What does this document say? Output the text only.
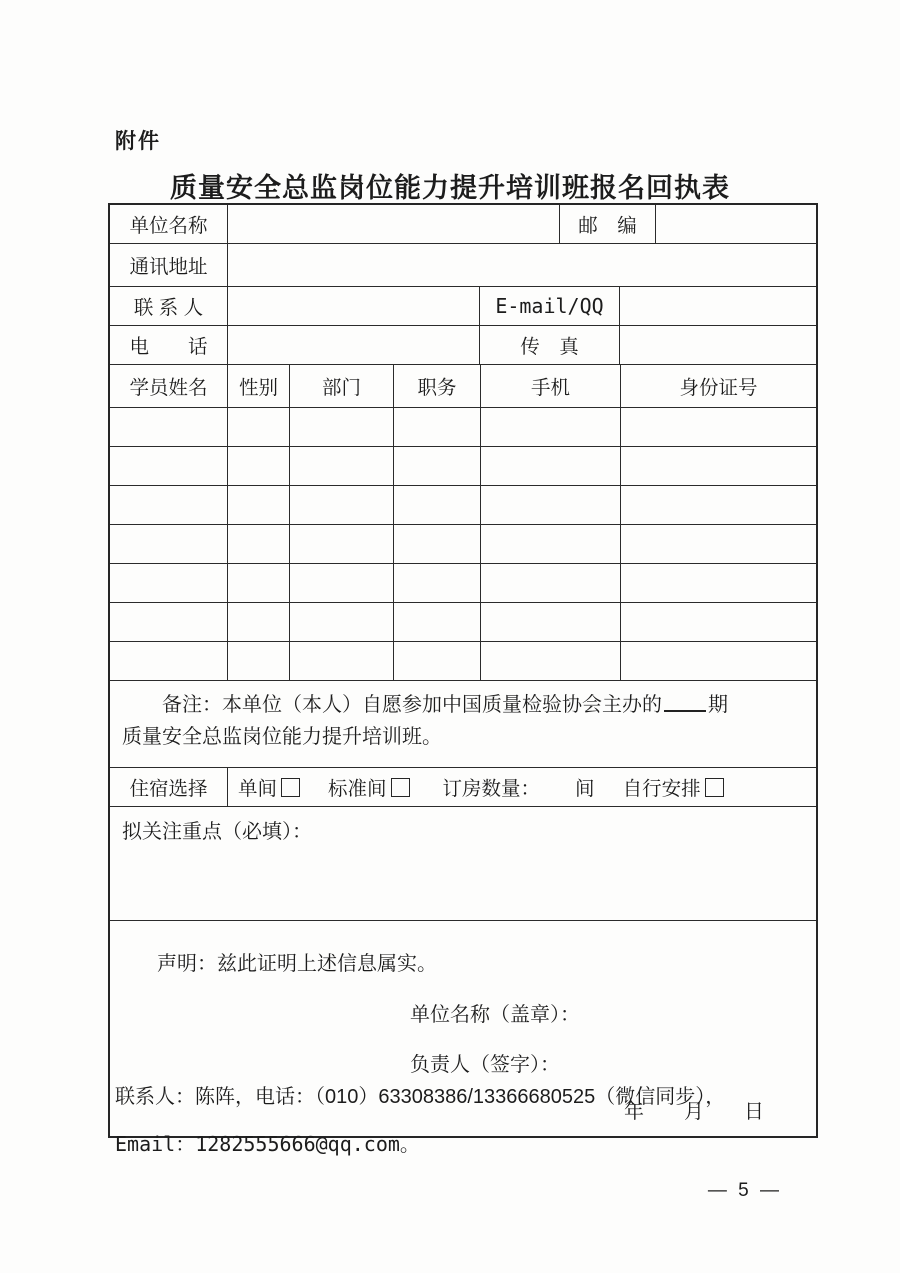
附件
质量安全总监岗位能力提升培训班报名回执表
单位名称	邮　编
通讯地址
联 系 人	E-mail/QQ
电　　话	传　真
学员姓名	性别	部门	职务	手机	身份证号
备注：本单位（本人）自愿参加中国质量检验协会主办的 期
质量安全总监岗位能力提升培训班。
住宿选择	单间	标准间	订房数量： 间 自行安排
拟关注重点（必填）：
声明：兹此证明上述信息属实。
单位名称（盖章）：
负责人（签字）：
年　　月　　日
联系人：陈阵，电话：（010）63308386/13366680525（微信同步），
Email：1282555666@qq.com。
— 5 —
